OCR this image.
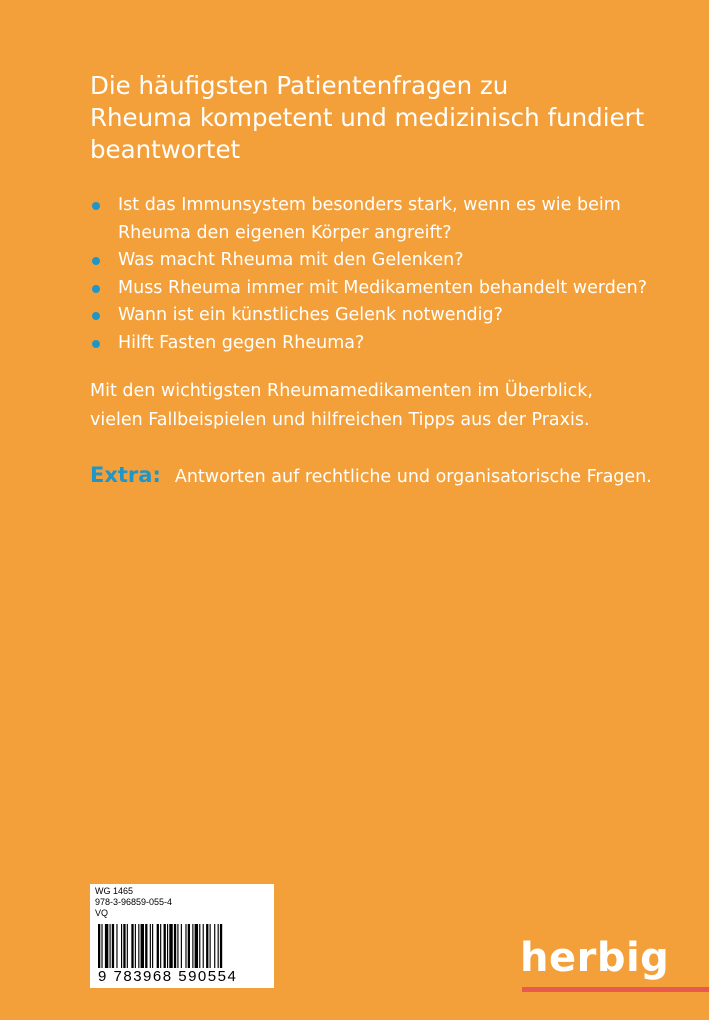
Die häufigsten Patientenfragen zu
Rheuma kompetent und medizinisch fundiert
beantwortet
Ist das Immunsystem besonders stark, wenn es wie beim
Rheuma den eigenen Körper angreift?
Was macht Rheuma mit den Gelenken?
Muss Rheuma immer mit Medikamenten behandelt werden?
Wann ist ein künstliches Gelenk notwendig?
Hilft Fasten gegen Rheuma?

Mit den wichtigsten Rheumamedikamenten im Überblick,
vielen Fallbeispielen und hilfreichen Tipps aus der Praxis.

Extra: Antworten auf rechtliche und organisatorische Fragen.
WG 1465
978-3-96859-055-4
VQ
9 783968 590554	herbig
